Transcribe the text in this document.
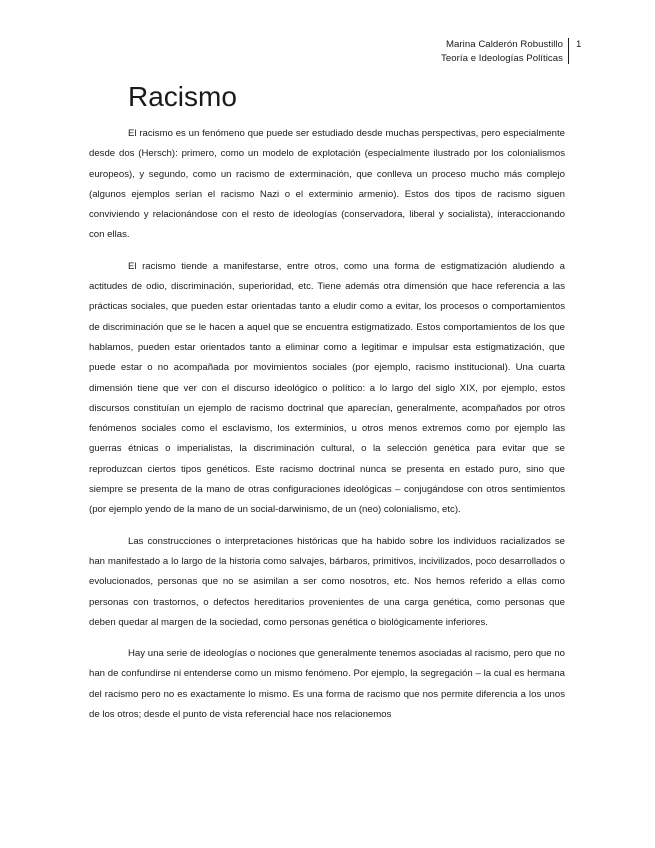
Marina Calderón Robustillo
Teoría e Ideologías Políticas
1
Racismo

El racismo es un fenómeno que puede ser estudiado desde muchas perspectivas, pero especialmente desde dos (Hersch): primero, como un modelo de explotación (especialmente ilustrado por los colonialismos europeos), y segundo, como un racismo de exterminación, que conlleva un proceso mucho más complejo (algunos ejemplos serían el racismo Nazi o el exterminio armenio). Estos dos tipos de racismo siguen conviviendo y relacionándose con el resto de ideologías (conservadora, liberal y socialista), interaccionando con ellas.

El racismo tiende a manifestarse, entre otros, como una forma de estigmatización aludiendo a actitudes de odio, discriminación, superioridad, etc. Tiene además otra dimensión que hace referencia a las prácticas sociales, que pueden estar orientadas tanto a eludir como a evitar, los procesos o comportamientos de discriminación que se le hacen a aquel que se encuentra estigmatizado. Estos comportamientos de los que hablamos, pueden estar orientados tanto a eliminar como a legitimar e impulsar esta estigmatización, que puede estar o no acompañada por movimientos sociales (por ejemplo, racismo institucional). Una cuarta dimensión tiene que ver con el discurso ideológico o político: a lo largo del siglo XIX, por ejemplo, estos discursos constituían un ejemplo de racismo doctrinal que aparecían, generalmente, acompañados por otros fenómenos sociales como el esclavismo, los exterminios, u otros menos extremos como por ejemplo las guerras étnicas o imperialistas, la discriminación cultural, o la selección genética para evitar que se reproduzcan ciertos tipos genéticos. Este racismo doctrinal nunca se presenta en estado puro, sino que siempre se presenta de la mano de otras configuraciones ideológicas – conjugándose con otros sentimientos (por ejemplo yendo de la mano de un social-darwinismo, de un (neo) colonialismo, etc).

Las construcciones o interpretaciones históricas que ha habido sobre los individuos racializados se han manifestado a lo largo de la historia como salvajes, bárbaros, primitivos, incivilizados, poco desarrollados o evolucionados, personas que no se asimilan a ser como nosotros, etc. Nos hemos referido a ellas como personas con trastornos, o defectos hereditarios provenientes de una carga genética, como personas que deben quedar al margen de la sociedad, como personas genética o biológicamente inferiores.

Hay una serie de ideologías o nociones que generalmente tenemos asociadas al racismo, pero que no han de confundirse ni entenderse como un mismo fenómeno. Por ejemplo, la segregación – la cual es hermana del racismo pero no es exactamente lo mismo. Es una forma de racismo que nos permite diferencia a los unos de los otros; desde el punto de vista referencial hace nos relacionemos
